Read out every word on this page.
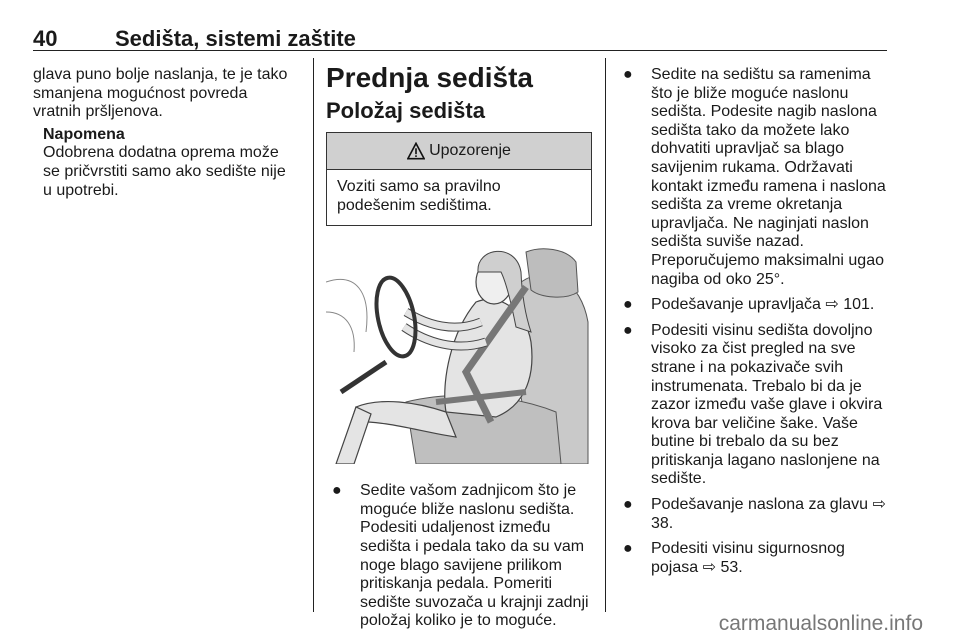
40	Sedišta, sistemi zaštite

glava puno bolje naslanja, te je tako smanjena mogućnost povreda vratnih pršljenova.

Napomena
Odobrena dodatna oprema može se pričvrstiti samo ako sedište nije u upotrebi.
Prednja sedišta
Položaj sedišta
Upozorenje
Voziti samo sa pravilno podešenim sedištima.
● Sedite vašom zadnjicom što je moguće bliže naslonu sedišta. Podesiti udaljenost između sedišta i pedala tako da su vam noge blago savijene prilikom pritiskanja pedala. Pomeriti sedište suvozača u krajnji zadnji položaj koliko je to moguće.
● Sedite na sedištu sa ramenima što je bliže moguće naslonu sedišta. Podesite nagib naslona sedišta tako da možete lako dohvatiti upravljač sa blago savijenim rukama. Održavati kontakt između ramena i naslona sedišta za vreme okretanja upravljača. Ne naginjati naslon sedišta suviše nazad. Preporučujemo maksimalni ugao nagiba od oko 25°.
● Podešavanje upravljača ⇨ 101.
● Podesiti visinu sedišta dovoljno visoko za čist pregled na sve strane i na pokazivače svih instrumenata. Trebalo bi da je zazor između vaše glave i okvira krova bar veličine šake. Vaše butine bi trebalo da su bez pritiskanja lagano naslonjene na sedište.
● Podešavanje naslona za glavu ⇨ 38.
● Podesiti visinu sigurnosnog pojasa ⇨ 53.
carmanualsonline.info
